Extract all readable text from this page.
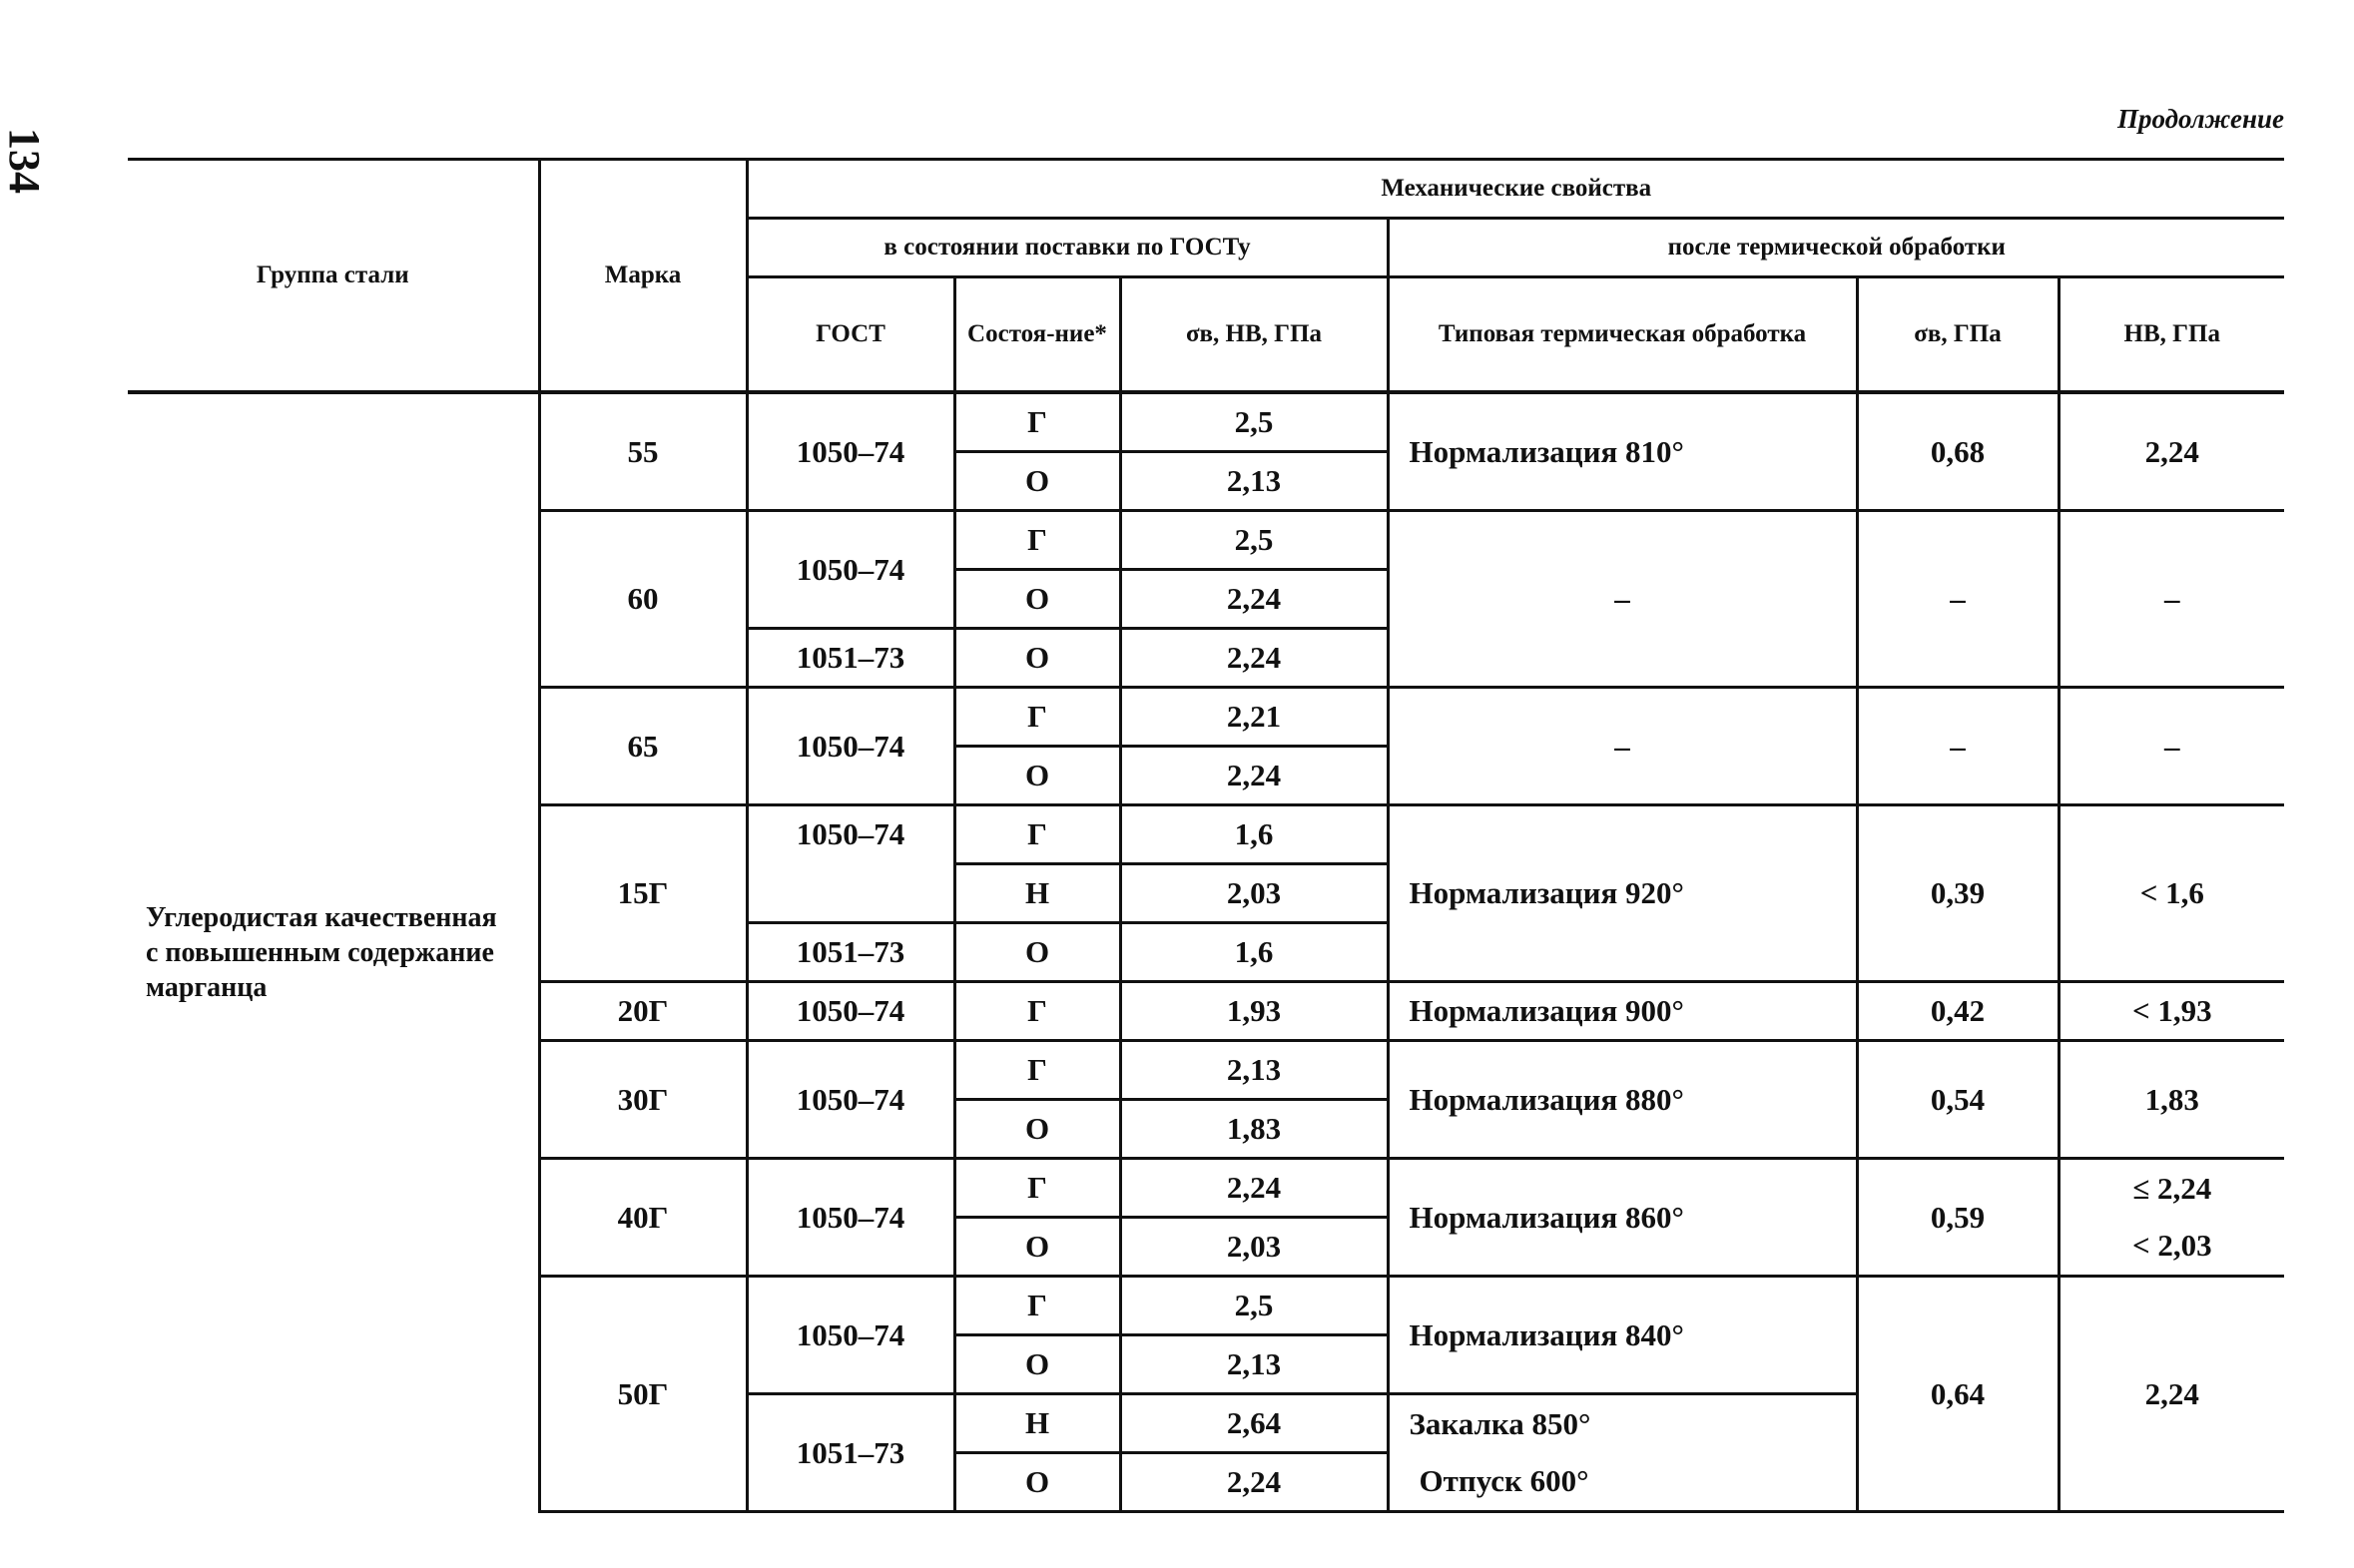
134
Продолжение
Группа стали	Марка	Механические свойства					
		в состоянии поставки по ГОСТу			после термической обработки		
		ГОСТ	Состоя-ние*	σв, НВ, ГПа	Типовая термическая обработка	σв, ГПа	НВ, ГПа
Углеродистая качественная с повышенным содержание марганца	55	1050–74	Г	2,5	Нормализация 810°	0,68	2,24
			О	2,13			
	60	1050–74	Г	2,5	–	–	–
			О	2,24			
		1051–73	О	2,24			
	65	1050–74	Г	2,21	–	–	–
			О	2,24			
	15Г	1050–74	Г	1,6	Нормализация 920°	0,39	< 1,6
			Н	2,03			
		1051–73	О	1,6			
	20Г	1050–74	Г	1,93	Нормализация 900°	0,42	< 1,93
	30Г	1050–74	Г	2,13	Нормализация 880°	0,54	1,83
			О	1,83			
	40Г	1050–74	Г	2,24	Нормализация 860°	0,59	≤ 2,24
			О	2,03			< 2,03
	50Г	1050–74	Г	2,5	Нормализация 840°	0,64	2,24
			О	2,13			
		1051–73	Н	2,64	Закалка 850°		
			О	2,24	Отпуск 600°		
